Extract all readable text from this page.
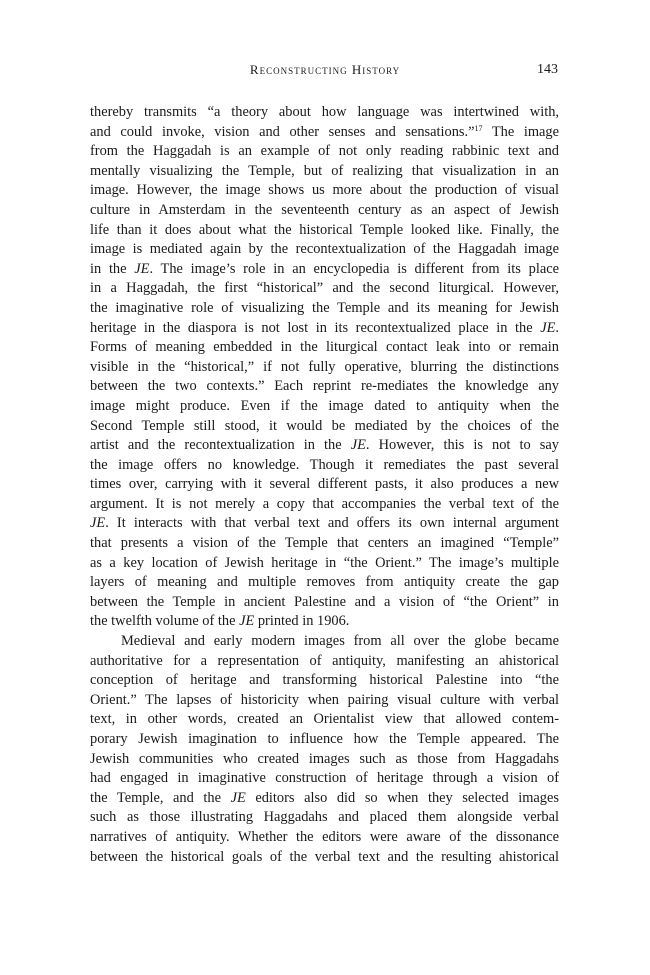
Reconstructing History	143
thereby transmits “a theory about how language was intertwined with,
and could invoke, vision and other senses and sensations.”$^{17}$ The image
from the Haggadah is an example of not only reading rabbinic text and
mentally visualizing the Temple, but of realizing that visualization in an
image. However, the image shows us more about the production of visual
culture in Amsterdam in the seventeenth century as an aspect of Jewish
life than it does about what the historical Temple looked like. Finally, the
image is mediated again by the recontextualization of the Haggadah image
in the JE. The image’s role in an encyclopedia is different from its place
in a Haggadah, the first “historical” and the second liturgical. However,
the imaginative role of visualizing the Temple and its meaning for Jewish
heritage in the diaspora is not lost in its recontextualized place in the JE.
Forms of meaning embedded in the liturgical contact leak into or remain
visible in the “historical,” if not fully operative, blurring the distinctions
between the two contexts.” Each reprint re-mediates the knowledge any
image might produce. Even if the image dated to antiquity when the
Second Temple still stood, it would be mediated by the choices of the
artist and the recontextualization in the JE. However, this is not to say
the image offers no knowledge. Though it remediates the past several
times over, carrying with it several different pasts, it also produces a new
argument. It is not merely a copy that accompanies the verbal text of the
JE. It interacts with that verbal text and offers its own internal argument
that presents a vision of the Temple that centers an imagined “Temple”
as a key location of Jewish heritage in “the Orient.” The image’s multiple
layers of meaning and multiple removes from antiquity create the gap
between the Temple in ancient Palestine and a vision of “the Orient” in
the twelfth volume of the JE printed in 1906.
Medieval and early modern images from all over the globe became
authoritative for a representation of antiquity, manifesting an ahistorical
conception of heritage and transforming historical Palestine into “the
Orient.” The lapses of historicity when pairing visual culture with verbal
text, in other words, created an Orientalist view that allowed contem-
porary Jewish imagination to influence how the Temple appeared. The
Jewish communities who created images such as those from Haggadahs
had engaged in imaginative construction of heritage through a vision of
the Temple, and the JE editors also did so when they selected images
such as those illustrating Haggadahs and placed them alongside verbal
narratives of antiquity. Whether the editors were aware of the dissonance
between the historical goals of the verbal text and the resulting ahistorical
